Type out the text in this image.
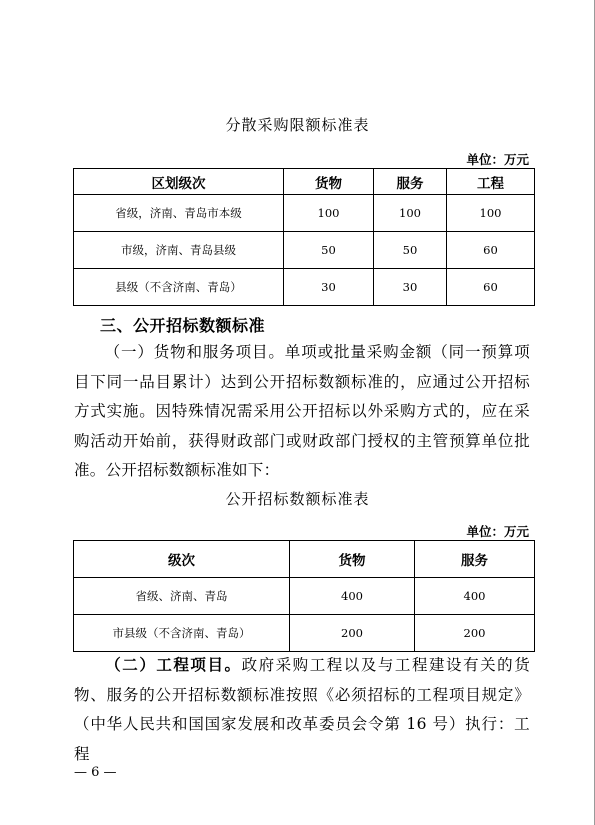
分散采购限额标准表
单位：万元
区划级次	货物	服务	工程
省级，济南、青岛市本级	100	100	100
市级，济南、青岛县级	50	50	60
县级（不含济南、青岛）	30	30	60
三、公开招标数额标准

（一）货物和服务项目。单项或批量采购金额（同一预算项目下同一品目累计）达到公开招标数额标准的，应通过公开招标方式实施。因特殊情况需采用公开招标以外采购方式的，应在采购活动开始前，获得财政部门或财政部门授权的主管预算单位批准。公开招标数额标准如下：

公开招标数额标准表
单位：万元
级次	货物	服务
省级、济南、青岛	400	400
市县级（不含济南、青岛）	200	200

（二）工程项目。政府采购工程以及与工程建设有关的货物、服务的公开招标数额标准按照《必须招标的工程项目规定》（中华人民共和国国家发展和改革委员会令第 16 号）执行：工程

— 6 —
